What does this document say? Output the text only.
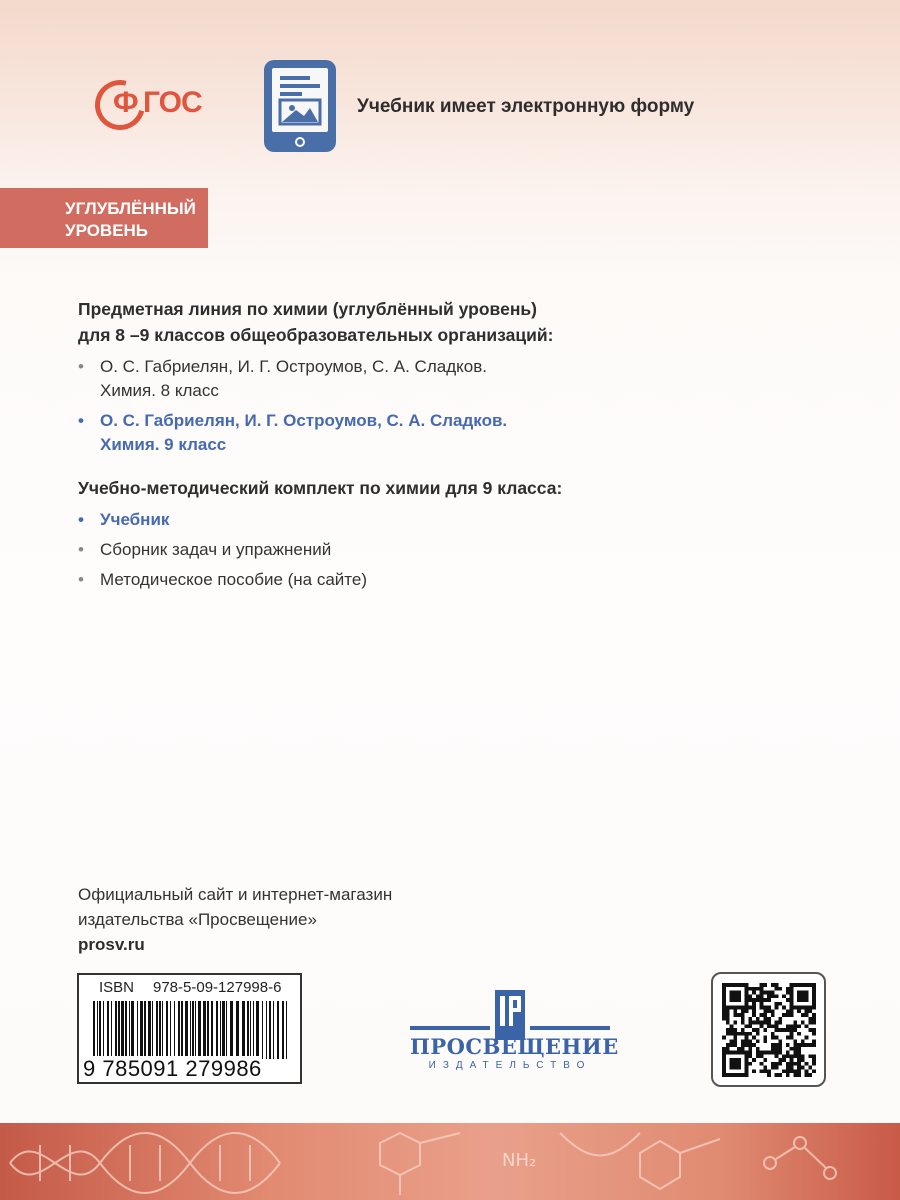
Ф ГОС	Учебник имеет электронную форму
УГЛУБЛЁННЫЙ
УРОВЕНЬ
Предметная линия по химии (углублённый уровень)
для 8 –9 классов общеобразовательных организаций:
• О. С. Габриелян, И. Г. Остроумов, С. А. Сладков.
Химия. 8 класс
• О. С. Габриелян, И. Г. Остроумов, С. А. Сладков.
Химия. 9 класс
Учебно-методический комплект по химии для 9 класса:
• Учебник
• Сборник задач и упражнений
• Методическое пособие (на сайте)
Официальный сайт и интернет-магазин
издательства «Просвещение»
prosv.ru
ISBN 978-5-09-127998-6
9 785091 279986
ПРОСВЕЩЕНИЕ
ИЗДАТЕЛЬСТВО
NH₂
